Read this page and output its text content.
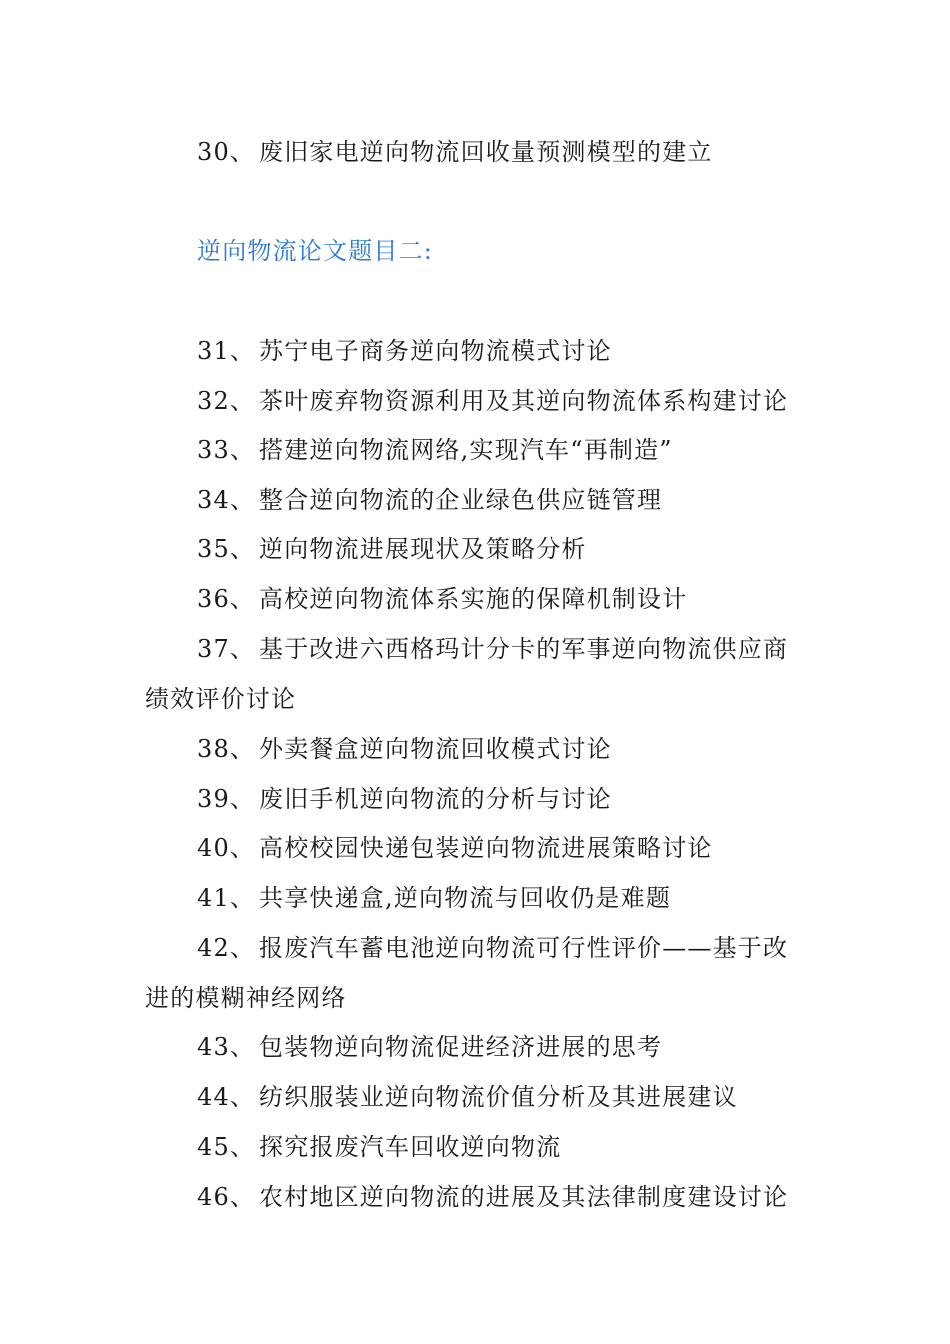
30、 废旧家电逆向物流回收量预测模型的建立
逆向物流论文题目二:
31、 苏宁电子商务逆向物流模式讨论
32、 茶叶废弃物资源利用及其逆向物流体系构建讨论
33、 搭建逆向物流网络,实现汽车“再制造”
34、 整合逆向物流的企业绿色供应链管理
35、 逆向物流进展现状及策略分析
36、 高校逆向物流体系实施的保障机制设计
37、 基于改进六西格玛计分卡的军事逆向物流供应商
绩效评价讨论
38、 外卖餐盒逆向物流回收模式讨论
39、 废旧手机逆向物流的分析与讨论
40、 高校校园快递包装逆向物流进展策略讨论
41、 共享快递盒,逆向物流与回收仍是难题
42、 报废汽车蓄电池逆向物流可行性评价——基于改
进的模糊神经网络
43、 包装物逆向物流促进经济进展的思考
44、 纺织服装业逆向物流价值分析及其进展建议
45、 探究报废汽车回收逆向物流
46、 农村地区逆向物流的进展及其法律制度建设讨论
